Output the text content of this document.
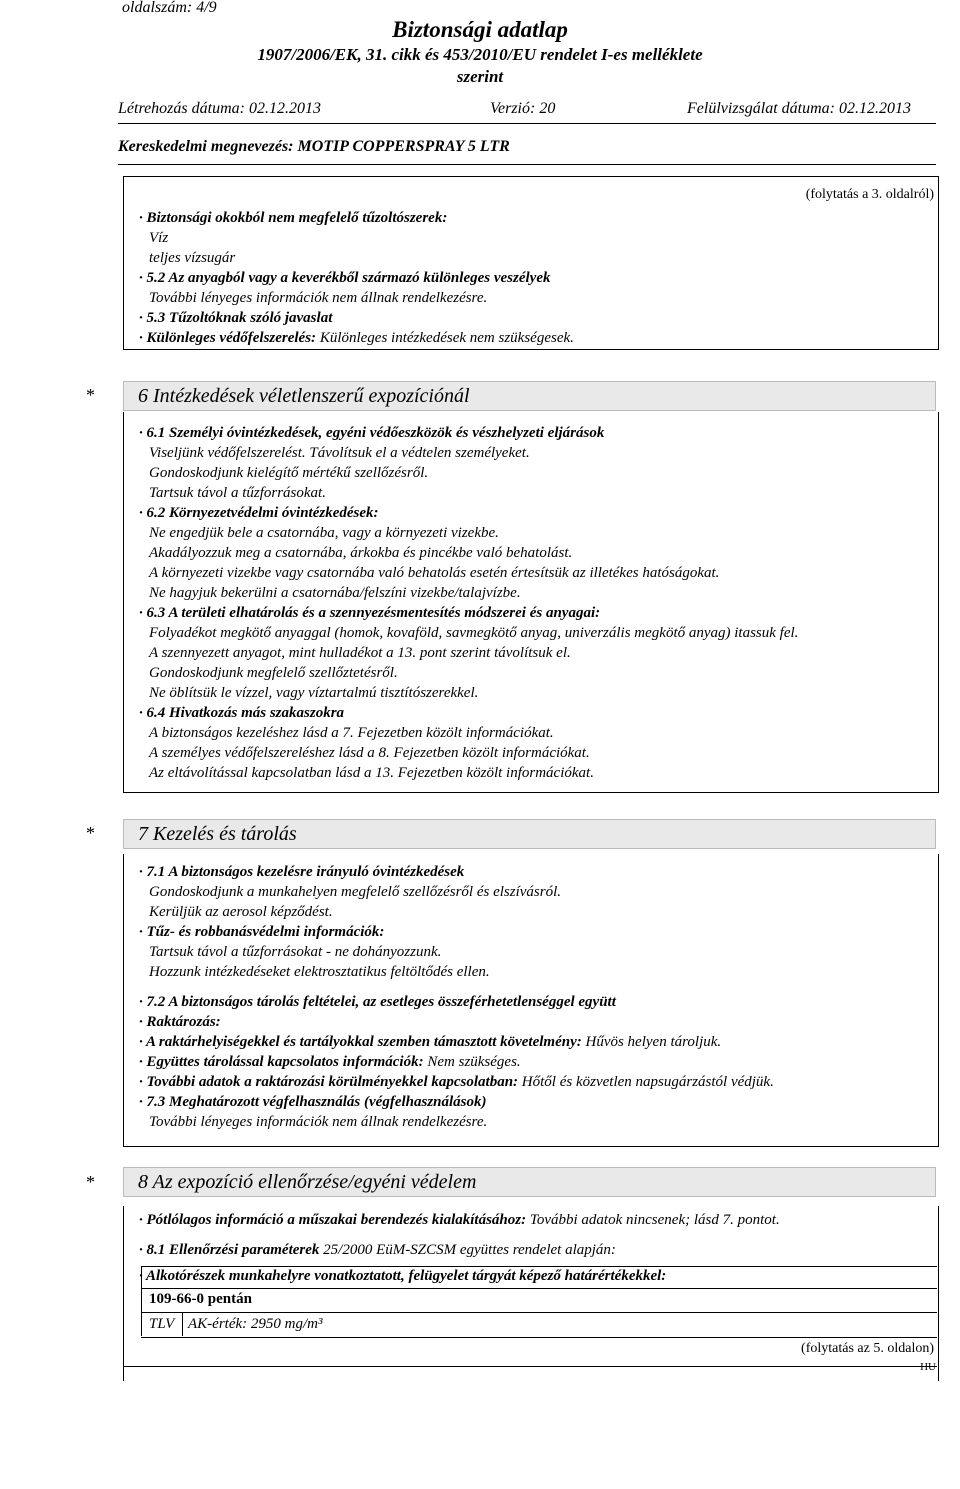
oldalszám: 4/9
Biztonsági adatlap
1907/2006/EK, 31. cikk és 453/2010/EU rendelet I-es melléklete
szerint
Létrehozás dátuma: 02.12.2013	Verzió: 20	Felülvizsgálat dátuma: 02.12.2013
Kereskedelmi megnevezés: MOTIP COPPERSPRAY 5 LTR
(folytatás a 3. oldalról)
· Biztonsági okokból nem megfelelő tűzoltószerek:
Víz
teljes vízsugár
· 5.2 Az anyagból vagy a keverékből származó különleges veszélyek
További lényeges információk nem állnak rendelkezésre.
· 5.3 Tűzoltóknak szóló javaslat
· Különleges védőfelszerelés: Különleges intézkedések nem szükségesek.
*	6 Intézkedések véletlenszerű expozíciónál
· 6.1 Személyi óvintézkedések, egyéni védőeszközök és vészhelyzeti eljárások
Viseljünk védőfelszerelést. Távolítsuk el a védtelen személyeket.
Gondoskodjunk kielégítő mértékű szellőzésről.
Tartsuk távol a tűzforrásokat.
· 6.2 Környezetvédelmi óvintézkedések:
Ne engedjük bele a csatornába, vagy a környezeti vizekbe.
Akadályozzuk meg a csatornába, árkokba és pincékbe való behatolást.
A környezeti vizekbe vagy csatornába való behatolás esetén értesítsük az illetékes hatóságokat.
Ne hagyjuk bekerülni a csatornába/felszíni vizekbe/talajvízbe.
· 6.3 A területi elhatárolás és a szennyezésmentesítés módszerei és anyagai:
Folyadékot megkötő anyaggal (homok, kovaföld, savmegkötő anyag, univerzális megkötő anyag) itassuk fel.
A szennyezett anyagot, mint hulladékot a 13. pont szerint távolítsuk el.
Gondoskodjunk megfelelő szellőztetésről.
Ne öblítsük le vízzel, vagy víztartalmú tisztítószerekkel.
· 6.4 Hivatkozás más szakaszokra
A biztonságos kezeléshez lásd a 7. Fejezetben közölt információkat.
A személyes védőfelszereléshez lásd a 8. Fejezetben közölt információkat.
Az eltávolítással kapcsolatban lásd a 13. Fejezetben közölt információkat.
*	7 Kezelés és tárolás
· 7.1 A biztonságos kezelésre irányuló óvintézkedések
Gondoskodjunk a munkahelyen megfelelő szellőzésről és elszívásról.
Kerüljük az aerosol képződést.
· Tűz- és robbanásvédelmi információk:
Tartsuk távol a tűzforrásokat - ne dohányozzunk.
Hozzunk intézkedéseket elektrosztatikus feltöltődés ellen.
· 7.2 A biztonságos tárolás feltételei, az esetleges összeférhetetlenséggel együtt
· Raktározás:
· A raktárhelyiségekkel és tartályokkal szemben támasztott követelmény: Hűvös helyen tároljuk.
· Együttes tárolással kapcsolatos információk: Nem szükséges.
· További adatok a raktározási körülményekkel kapcsolatban: Hőtől és közvetlen napsugárzástól védjük.
· 7.3 Meghatározott végfelhasználás (végfelhasználások)
További lényeges információk nem állnak rendelkezésre.
*	8 Az expozíció ellenőrzése/egyéni védelem
· Pótlólagos információ a műszakai berendezés kialakításához: További adatok nincsenek; lásd 7. pontot.
· 8.1 Ellenőrzési paraméterek 25/2000 EüM-SZCSM együttes rendelet alapján:
· Alkotórészek munkahelyre vonatkoztatott, felügyelet tárgyát képező határértékekkel:
109-66-0 pentán
TLV AK-érték: 2950 mg/m³
(folytatás az 5. oldalon)
HU
